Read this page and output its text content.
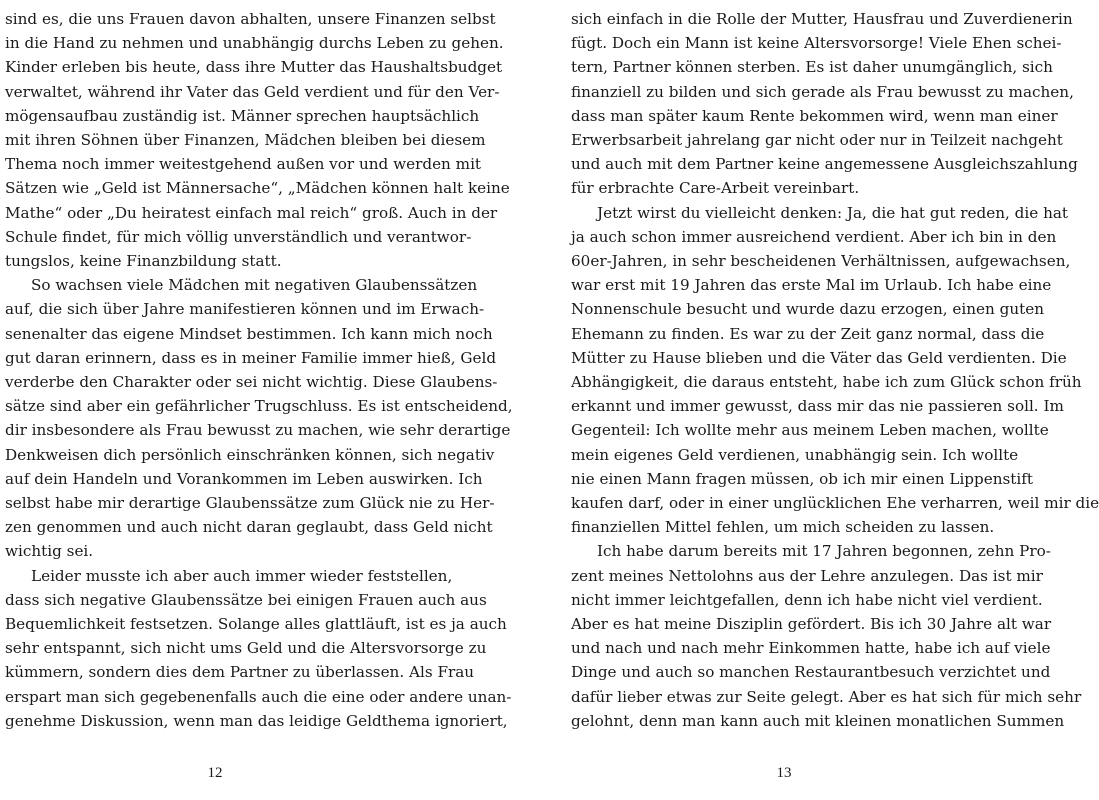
sind es, die uns Frauen davon abhalten, unsere Finanzen selbst
in die Hand zu nehmen und unabhängig durchs Leben zu gehen.
Kinder erleben bis heute, dass ihre Mutter das Haushaltsbudget
verwaltet, während ihr Vater das Geld verdient und für den Ver-
mögensaufbau zuständig ist. Männer sprechen hauptsächlich
mit ihren Söhnen über Finanzen, Mädchen bleiben bei diesem
Thema noch immer weitestgehend außen vor und werden mit
Sätzen wie „Geld ist Männersache“, „Mädchen können halt keine
Mathe“ oder „Du heiratest einfach mal reich“ groß. Auch in der
Schule findet, für mich völlig unverständlich und verantwor-
tungslos, keine Finanzbildung statt.
So wachsen viele Mädchen mit negativen Glaubenssätzen
auf, die sich über Jahre manifestieren können und im Erwach-
senenalter das eigene Mindset bestimmen. Ich kann mich noch
gut daran erinnern, dass es in meiner Familie immer hieß, Geld
verderbe den Charakter oder sei nicht wichtig. Diese Glaubens-
sätze sind aber ein gefährlicher Trugschluss. Es ist entscheidend,
dir insbesondere als Frau bewusst zu machen, wie sehr derartige
Denkweisen dich persönlich einschränken können, sich negativ
auf dein Handeln und Vorankommen im Leben auswirken. Ich
selbst habe mir derartige Glaubenssätze zum Glück nie zu Her-
zen genommen und auch nicht daran geglaubt, dass Geld nicht
wichtig sei.
Leider musste ich aber auch immer wieder feststellen,
dass sich negative Glaubenssätze bei einigen Frauen auch aus
Bequemlichkeit festsetzen. Solange alles glattläuft, ist es ja auch
sehr entspannt, sich nicht ums Geld und die Altersvorsorge zu
kümmern, sondern dies dem Partner zu überlassen. Als Frau
erspart man sich gegebenenfalls auch die eine oder andere unan-
genehme Diskussion, wenn man das leidige Geldthema ignoriert,
sich einfach in die Rolle der Mutter, Hausfrau und Zuverdienerin
fügt. Doch ein Mann ist keine Altersvorsorge! Viele Ehen schei-
tern, Partner können sterben. Es ist daher unumgänglich, sich
finanziell zu bilden und sich gerade als Frau bewusst zu machen,
dass man später kaum Rente bekommen wird, wenn man einer
Erwerbsarbeit jahrelang gar nicht oder nur in Teilzeit nachgeht
und auch mit dem Partner keine angemessene Ausgleichszahlung
für erbrachte Care-Arbeit vereinbart.
Jetzt wirst du vielleicht denken: Ja, die hat gut reden, die hat
ja auch schon immer ausreichend verdient. Aber ich bin in den
60er-Jahren, in sehr bescheidenen Verhältnissen, aufgewachsen,
war erst mit 19 Jahren das erste Mal im Urlaub. Ich habe eine
Nonnenschule besucht und wurde dazu erzogen, einen guten
Ehemann zu finden. Es war zu der Zeit ganz normal, dass die
Mütter zu Hause blieben und die Väter das Geld verdienten. Die
Abhängigkeit, die daraus entsteht, habe ich zum Glück schon früh
erkannt und immer gewusst, dass mir das nie passieren soll. Im
Gegenteil: Ich wollte mehr aus meinem Leben machen, wollte
mein eigenes Geld verdienen, unabhängig sein. Ich wollte
nie einen Mann fragen müssen, ob ich mir einen Lippenstift
kaufen darf, oder in einer unglücklichen Ehe verharren, weil mir die
finanziellen Mittel fehlen, um mich scheiden zu lassen.
Ich habe darum bereits mit 17 Jahren begonnen, zehn Pro-
zent meines Nettolohns aus der Lehre anzulegen. Das ist mir
nicht immer leichtgefallen, denn ich habe nicht viel verdient.
Aber es hat meine Disziplin gefördert. Bis ich 30 Jahre alt war
und nach und nach mehr Einkommen hatte, habe ich auf viele
Dinge und auch so manchen Restaurantbesuch verzichtet und
dafür lieber etwas zur Seite gelegt. Aber es hat sich für mich sehr
gelohnt, denn man kann auch mit kleinen monatlichen Summen
12	13
